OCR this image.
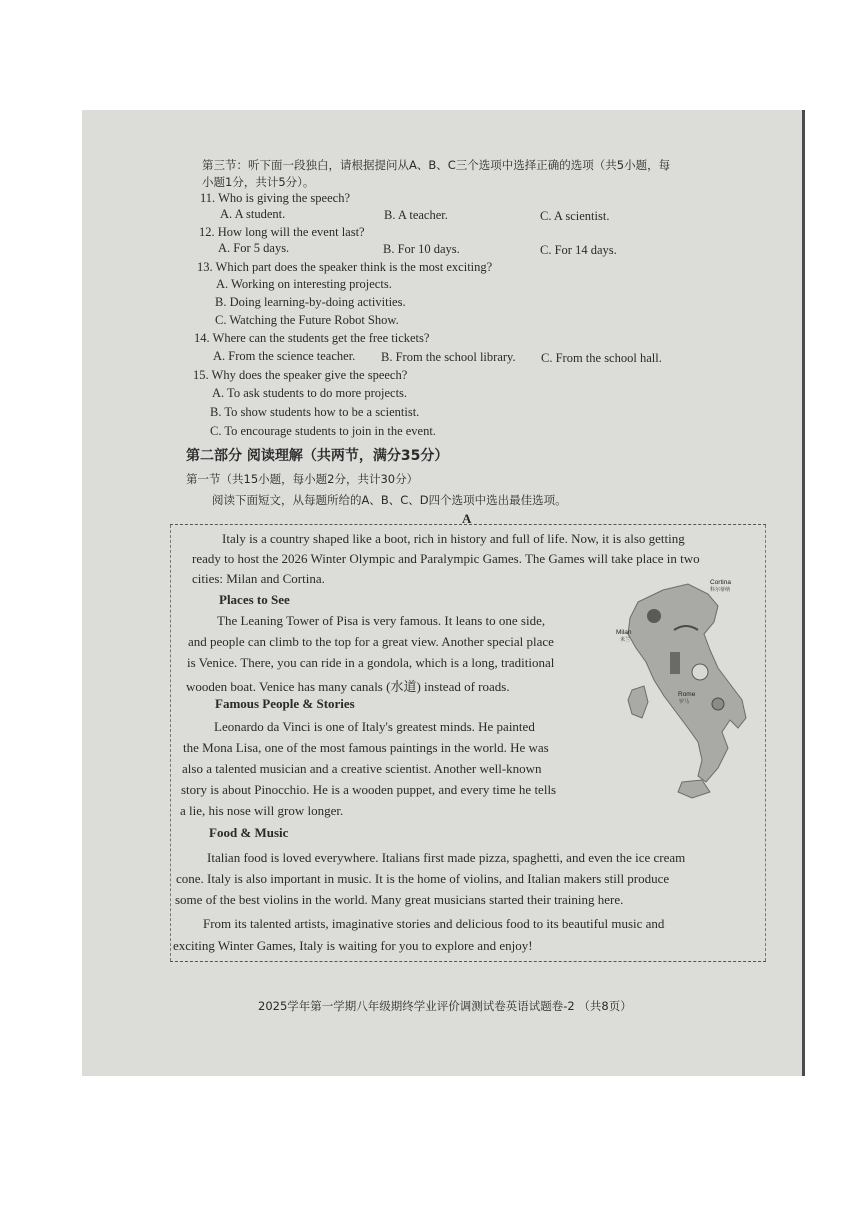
第三节：听下面一段独白，请根据提问从A、B、C三个选项中选择正确的选项（共5小题，每
小题1分，共计5分）。
11. Who is giving the speech?
A. A student.	B. A teacher.	C. A scientist.
12. How long will the event last?
A. For 5 days.	B. For 10 days.	C. For 14 days.
13. Which part does the speaker think is the most exciting?
A. Working on interesting projects.
B. Doing learning-by-doing activities.
C. Watching the Future Robot Show.
14. Where can the students get the free tickets?
A. From the science teacher. B. From the school library. C. From the school hall.
15. Why does the speaker give the speech?
A. To ask students to do more projects.
B. To show students how to be a scientist.
C. To encourage students to join in the event.
第二部分 阅读理解（共两节，满分35分）
第一节（共15小题，每小题2分，共计30分）
阅读下面短文，从每题所给的A、B、C、D四个选项中选出最佳选项。
A
Italy is a country shaped like a boot, rich in history and full of life. Now, it is also getting
ready to host the 2026 Winter Olympic and Paralympic Games. The Games will take place in two
cities: Milan and Cortina.
Places to See
The Leaning Tower of Pisa is very famous. It leans to one side,
and people can climb to the top for a great view. Another special place
is Venice. There, you can ride in a gondola, which is a long, traditional
wooden boat. Venice has many canals (水道) instead of roads.
Famous People & Stories
Leonardo da Vinci is one of Italy's greatest minds. He painted
the Mona Lisa, one of the most famous paintings in the world. He was
also a talented musician and a creative scientist. Another well-known
story is about Pinocchio. He is a wooden puppet, and every time he tells
a lie, his nose will grow longer.
Food & Music
Italian food is loved everywhere. Italians first made pizza, spaghetti, and even the ice cream
cone. Italy is also important in music. It is the home of violins, and Italian makers still produce
some of the best violins in the world. Many great musicians started their training here.
From its talented artists, imaginative stories and delicious food to its beautiful music and
exciting Winter Games, Italy is waiting for you to explore and enjoy!
Cortina
科尔蒂纳
Milan
米兰
Rome
罗马
2025学年第一学期八年级期终学业评价调测试卷英语试题卷-2 （共8页）
